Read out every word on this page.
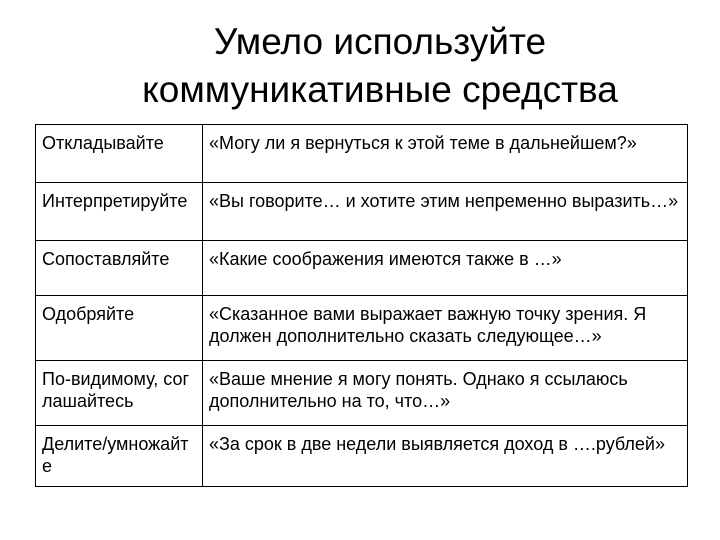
Умело используйте
коммуникативные средства
Откладывайте	«Могу ли я вернуться к этой теме в дальнейшем?»
Интерпретируйте	«Вы говорите… и хотите этим непременно выразить…»
Сопоставляйте	«Какие соображения имеются также в …»
Одобряйте	«Сказанное вами выражает важную точку зрения. Я должен дополнительно сказать следующее…»
По-видимому, соглашайтесь	«Ваше мнение я могу понять. Однако я ссылаюсь дополнительно на то, что…»
Делите/умножайте	«За срок в две недели выявляется доход в ….рублей»
